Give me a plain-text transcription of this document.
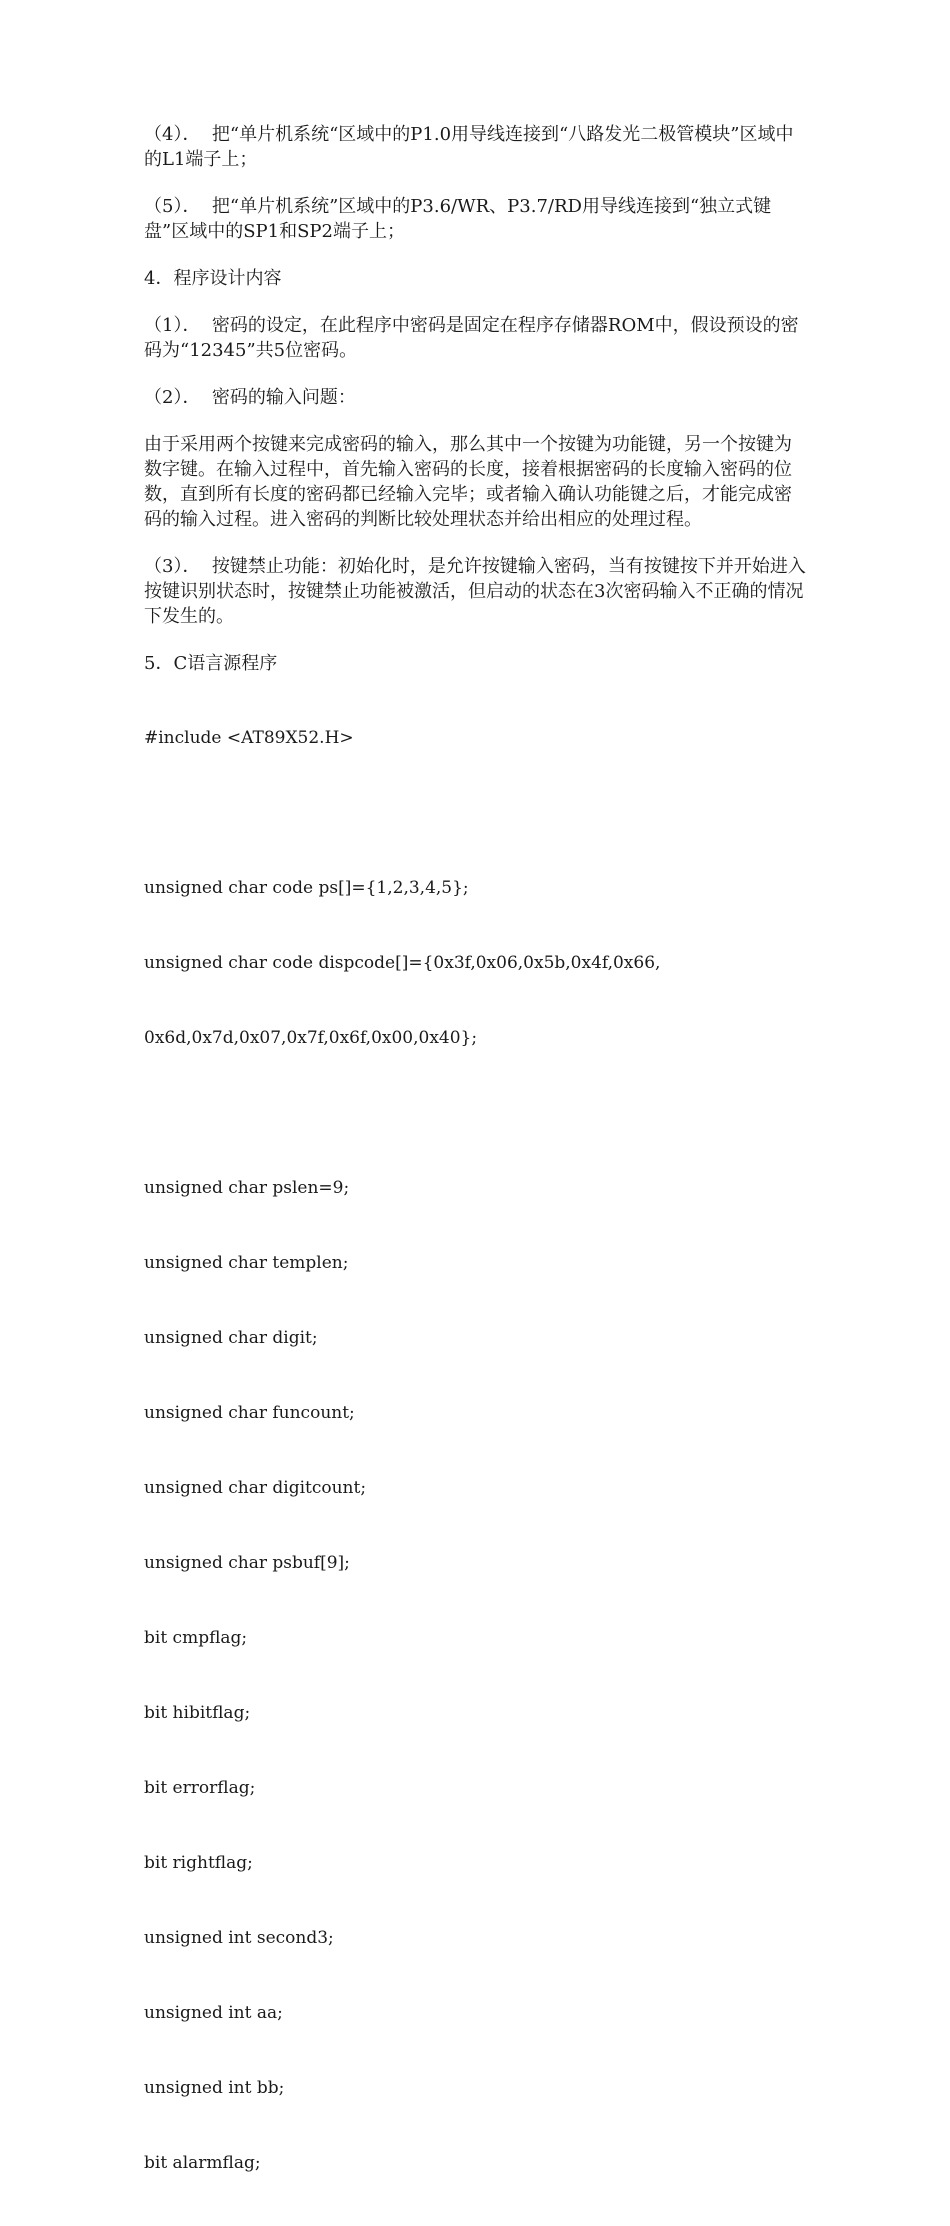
（4）．  把“单片机系统“区域中的P1.0用导线连接到“八路发光二极管模块”区域中的L1端子上；

（5）．  把“单片机系统”区域中的P3.6/WR、P3.7/RD用导线连接到“独立式键盘”区域中的SP1和SP2端子上；

4．程序设计内容

（1）．  密码的设定，在此程序中密码是固定在程序存储器ROM中，假设预设的密码为“12345”共5位密码。

（2）．  密码的输入问题：

由于采用两个按键来完成密码的输入，那么其中一个按键为功能键，另一个按键为数字键。在输入过程中，首先输入密码的长度，接着根据密码的长度输入密码的位数，直到所有长度的密码都已经输入完毕；或者输入确认功能键之后，才能完成密码的输入过程。进入密码的判断比较处理状态并给出相应的处理过程。

（3）．  按键禁止功能：初始化时，是允许按键输入密码，当有按键按下并开始进入按键识别状态时，按键禁止功能被激活，但启动的状态在3次密码输入不正确的情况下发生的。

5．C语言源程序

#include <AT89X52.H>

unsigned char code ps[]={1,2,3,4,5};

unsigned char code dispcode[]={0x3f,0x06,0x5b,0x4f,0x66,

0x6d,0x7d,0x07,0x7f,0x6f,0x00,0x40};

unsigned char pslen=9;

unsigned char templen;

unsigned char digit;

unsigned char funcount;

unsigned char digitcount;

unsigned char psbuf[9];

bit cmpflag;

bit hibitflag;

bit errorflag;

bit rightflag;

unsigned int second3;

unsigned int aa;

unsigned int bb;

bit alarmflag;
